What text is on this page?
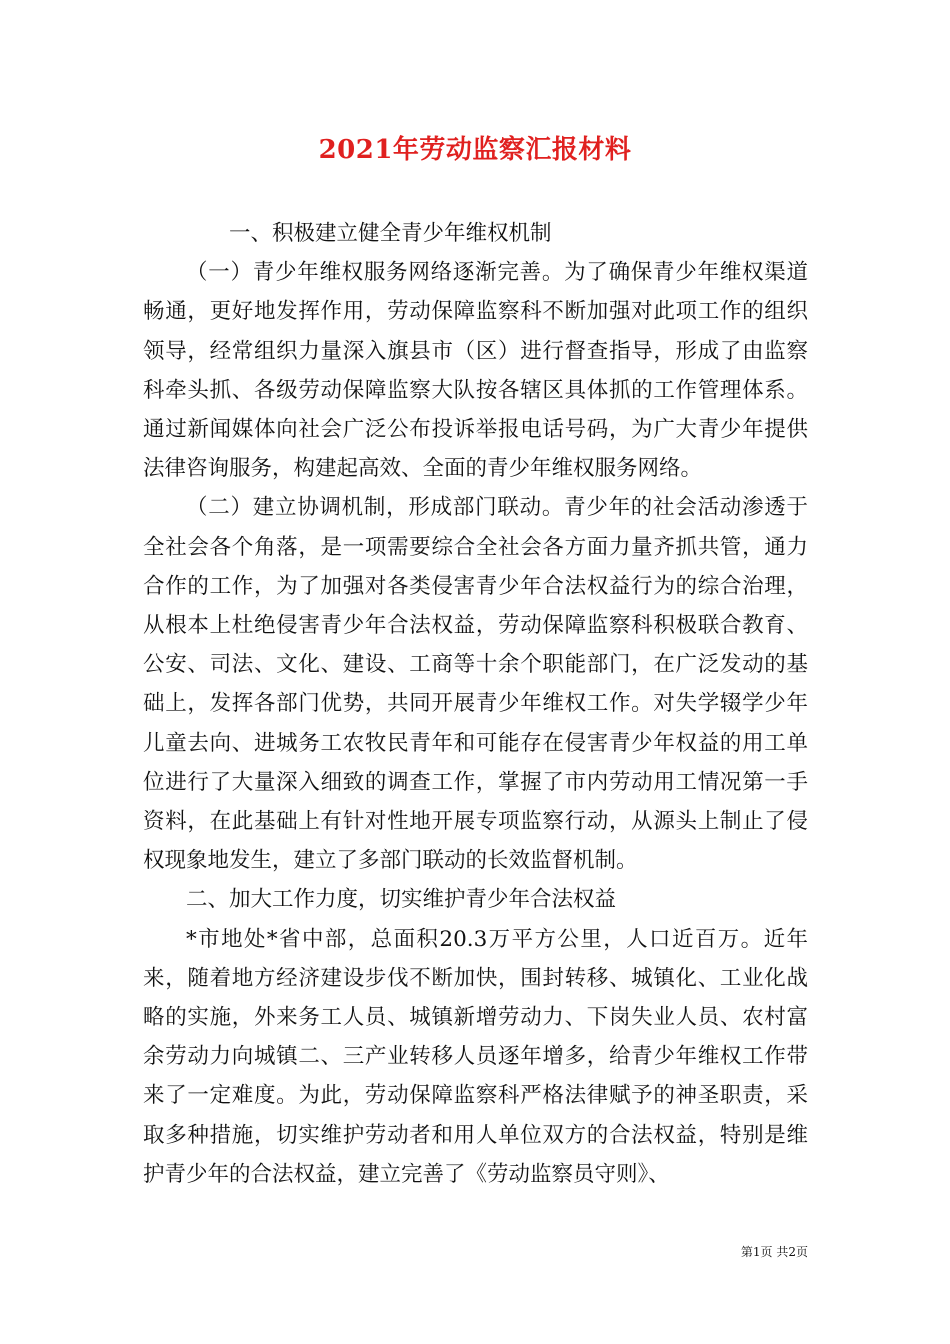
2021年劳动监察汇报材料

一、积极建立健全青少年维权机制

（一）青少年维权服务网络逐渐完善。为了确保青少年维权渠道畅通，更好地发挥作用，劳动保障监察科不断加强对此项工作的组织领导，经常组织力量深入旗县市（区）进行督查指导，形成了由监察科牵头抓、各级劳动保障监察大队按各辖区具体抓的工作管理体系。通过新闻媒体向社会广泛公布投诉举报电话号码，为广大青少年提供法律咨询服务，构建起高效、全面的青少年维权服务网络。

（二）建立协调机制，形成部门联动。青少年的社会活动渗透于全社会各个角落，是一项需要综合全社会各方面力量齐抓共管，通力合作的工作，为了加强对各类侵害青少年合法权益行为的综合治理，从根本上杜绝侵害青少年合法权益，劳动保障监察科积极联合教育、公安、司法、文化、建设、工商等十余个职能部门，在广泛发动的基础上，发挥各部门优势，共同开展青少年维权工作。对失学辍学少年儿童去向、进城务工农牧民青年和可能存在侵害青少年权益的用工单位进行了大量深入细致的调查工作，掌握了市内劳动用工情况第一手资料，在此基础上有针对性地开展专项监察行动，从源头上制止了侵权现象地发生，建立了多部门联动的长效监督机制。

二、加大工作力度，切实维护青少年合法权益

*市地处*省中部，总面积20.3万平方公里，人口近百万。近年来，随着地方经济建设步伐不断加快，围封转移、城镇化、工业化战略的实施，外来务工人员、城镇新增劳动力、下岗失业人员、农村富余劳动力向城镇二、三产业转移人员逐年增多，给青少年维权工作带来了一定难度。为此，劳动保障监察科严格法律赋予的神圣职责，采取多种措施，切实维护劳动者和用人单位双方的合法权益，特别是维护青少年的合法权益，建立完善了《劳动监察员守则》、

第1页 共2页
